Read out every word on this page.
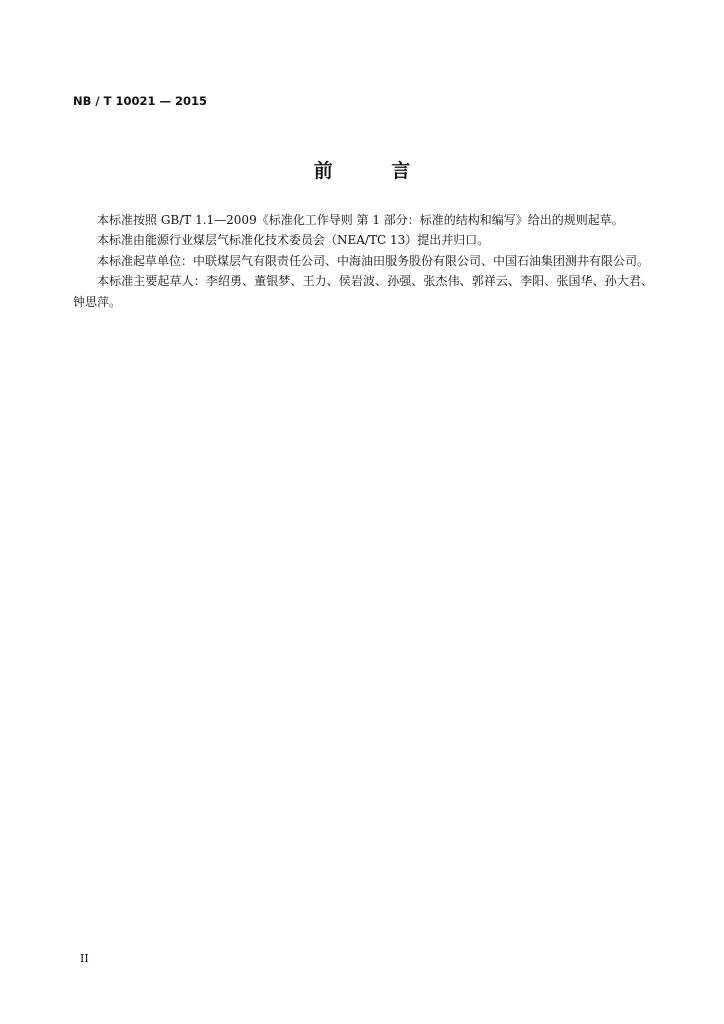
NB / T 10021 — 2015
前 言

本标准按照 GB/T 1.1—2009《标准化工作导则 第 1 部分：标准的结构和编写》给出的规则起草。

本标准由能源行业煤层气标准化技术委员会（NEA/TC 13）提出并归口。

本标准起草单位：中联煤层气有限责任公司、中海油田服务股份有限公司、中国石油集团测井有限公司。

本标准主要起草人：李绍勇、董银梦、王力、侯岩波、孙强、张杰伟、郭祥云、李阳、张国华、孙大君、钟思萍。

II
